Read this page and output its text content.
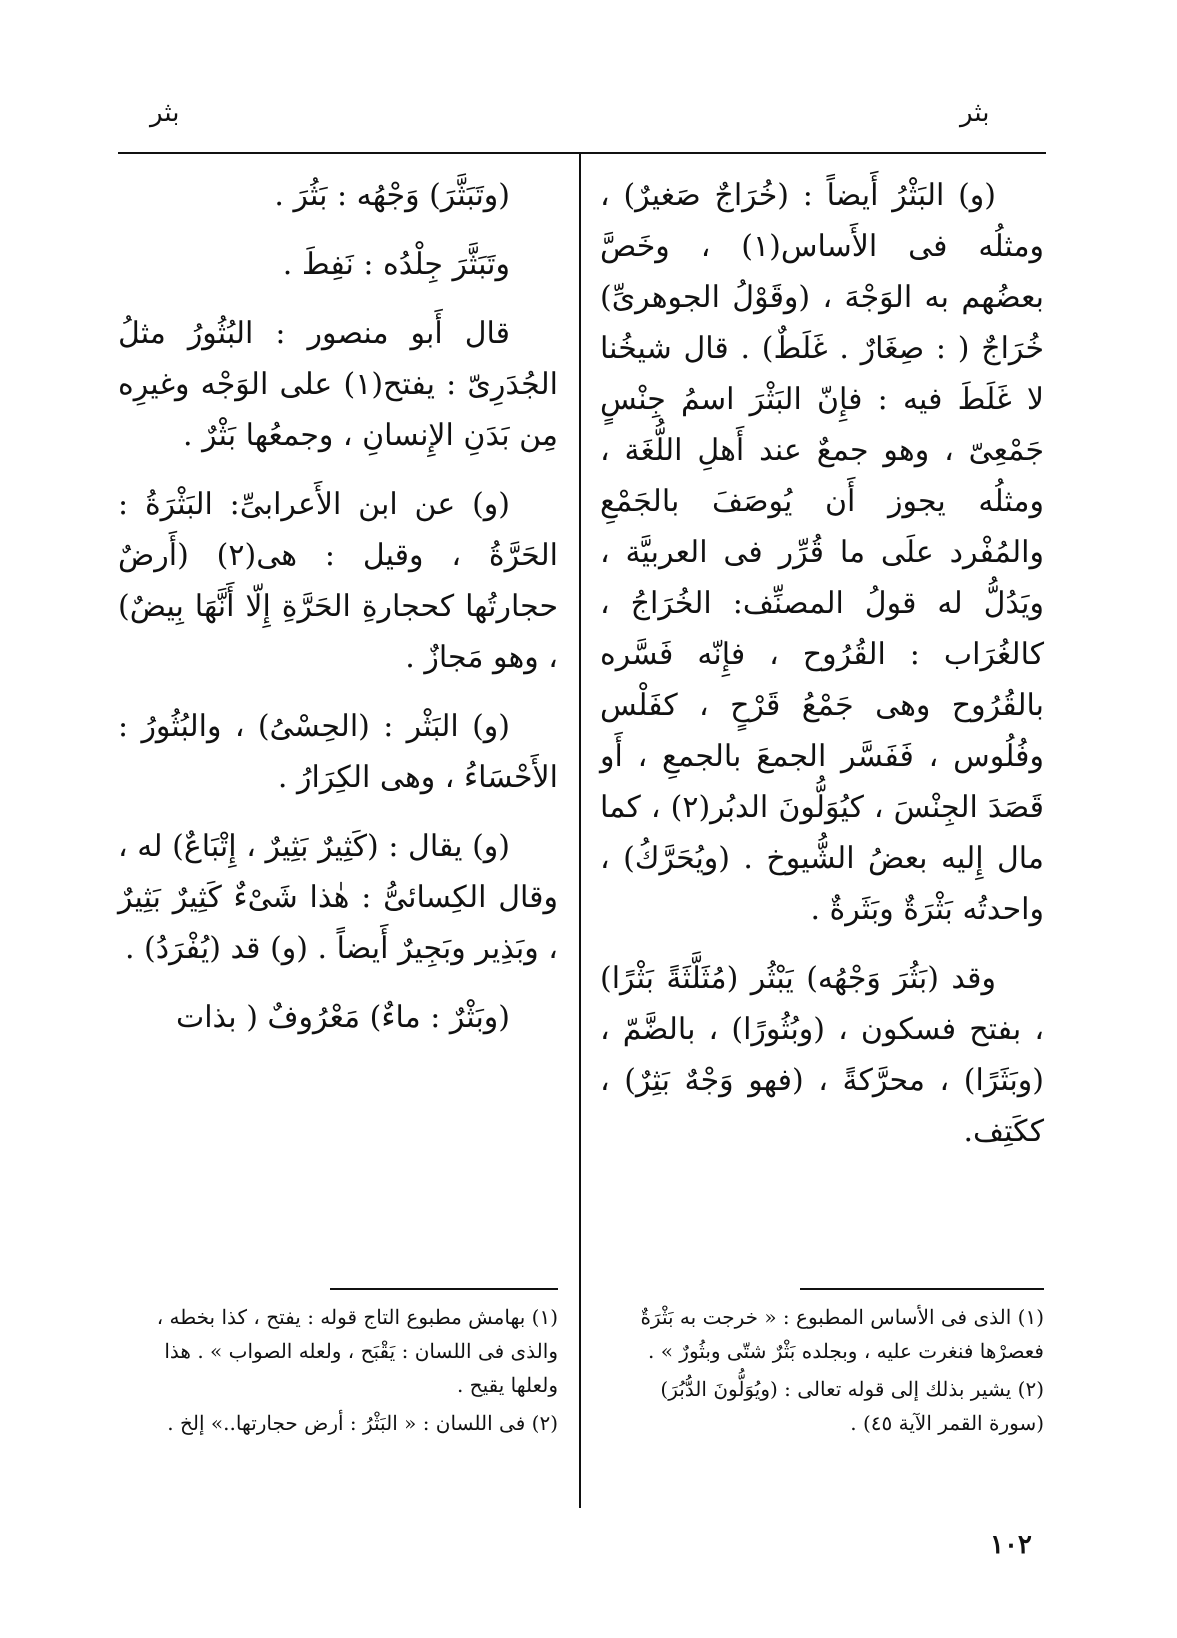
بثر
بثر

(و) البَثْرُ أَيضاً : (خُرَاجٌ صَغيرٌ) ، ومثلُه فى الأَساس(١) ، وخَصَّ بعضُهم به الوَجْهَ ، (وقَوْلُ الجوهرىِّ) خُرَاجٌ ( : صِغَارٌ . غَلَطٌ) . قال شيخُنا لا غَلَطَ فيه : فإِنّ البَثْرَ اسمُ جِنْسٍ جَمْعِىّ ، وهو جمعٌ عند أَهلِ اللُّغَة ، ومثلُه يجوز أَن يُوصَفَ بالجَمْعِ والمُفْرد علَى ما قُرِّر فى العربيَّة ، ويَدُلُّ له قولُ المصنِّف: الخُرَاجُ ، كالغُرَاب : القُرُوح ، فإِنّه فَسَّره بالقُرُوح وهى جَمْعُ قَرْحٍ ، كفَلْس وفُلُوس ، فَفَسَّر الجمعَ بالجمعِ ، أَو قَصَدَ الجِنْسَ ، كيُوَلُّونَ الدبُر(٢) ، كما مال إِليه بعضُ الشُّيوخ . (ويُحَرَّكُ) ، واحدتُه بَثْرَةٌ وبَثَرةٌ .

وقد (بَثُرَ وَجْهُه) يَبْثُر (مُثَلَّثَةً بَثْرًا) ، بفتح فسكون ، (وبُثُورًا) ، بالضَّمّ ، (وبَثَرًا) ، محرَّكةً ، (فهو وَجْهٌ بَثِرٌ) ، ككَتِف.

(وتَبَثَّرَ) وَجْهُه : بَثُرَ .

وتَبَثَّرَ جِلْدُه : نَفِطَ .

قال أَبو منصور : البُثُورُ مثلُ الجُدَرِىّ : يفتح(١) على الوَجْه وغيرِه مِن بَدَنِ الإِنسانِ ، وجمعُها بَثْرٌ .

(و) عن ابن الأَعرابىِّ: البَثْرَةُ : الحَرَّةُ ، وقيل : هى(٢) (أَرضٌ حجارتُها كحجارةِ الحَرَّةِ إِلّا أَنَّهَا بِيضٌ) ، وهو مَجازٌ .

(و) البَثْر : (الحِسْىُ) ، والبُثُورُ : الأَحْسَاءُ ، وهى الكِرَارُ .

(و) يقال : (كَثِيرٌ بَثِيرٌ ، إِتْبَاعٌ) له ، وقال الكِسائىُّ : هٰذا شَىْءٌ كَثِيرٌ بَثِيرٌ ، وبَذِير وبَجِيرٌ أَيضاً . (و) قد (يُفْرَدُ) .

(وبَثْرٌ : ماءٌ) مَعْرُوفٌ ( بذات

(١) الذى فى الأساس المطبوع : « خرجت به بَثْرَةٌ فعصرْها فنغرت عليه ، وبجلده بَثْرٌ شتّى وبثُورٌ » .

(٢) يشير بذلك إلى قوله تعالى : (ويُوَلُّونَ الدُّبُرَ) (سورة القمر الآية ٤٥) .

(١) بهامش مطبوع التاج قوله : يفتح ، كذا بخطه ، والذى فى اللسان : يَقْبَح ، ولعله الصواب » . هذا ولعلها يقيح .

(٢) فى اللسان : « البَثْرُ : أرض حجارتها..» إلخ .

١٠٢
